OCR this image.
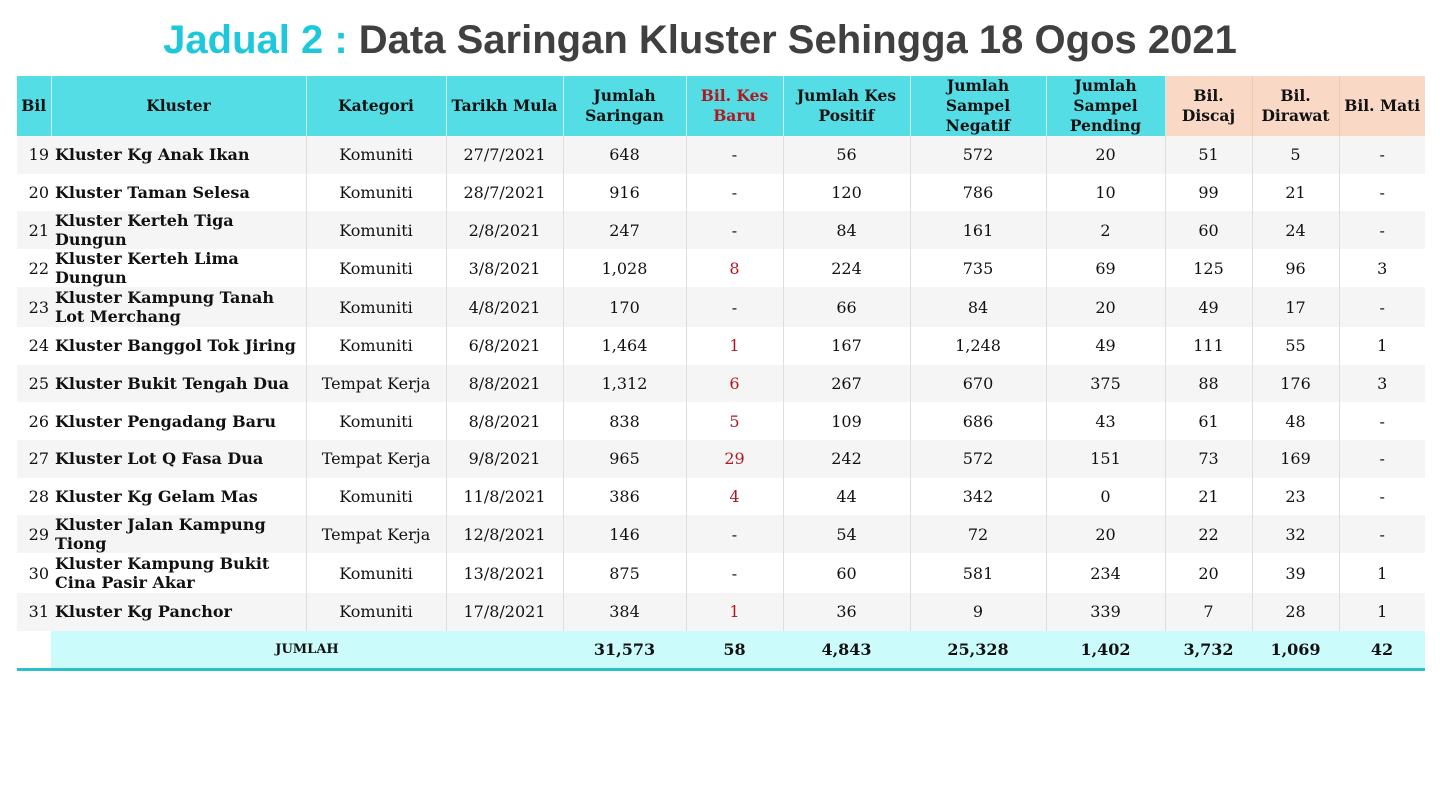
Jadual 2 : Data Saringan Kluster Sehingga 18 Ogos 2021
Bil	Kluster	Kategori	Tarikh Mula	Jumlah Saringan	Bil. Kes Baru	Jumlah Kes Positif	Jumlah Sampel Negatif	Jumlah Sampel Pending	Bil. Discaj	Bil. Dirawat	Bil. Mati
19	Kluster Kg Anak Ikan	Komuniti	27/7/2021	648	-	56	572	20	51	5	-
20	Kluster Taman Selesa	Komuniti	28/7/2021	916	-	120	786	10	99	21	-
21	Kluster Kerteh Tiga Dungun	Komuniti	2/8/2021	247	-	84	161	2	60	24	-
22	Kluster Kerteh Lima Dungun	Komuniti	3/8/2021	1,028	8	224	735	69	125	96	3
23	Kluster Kampung Tanah Lot Merchang	Komuniti	4/8/2021	170	-	66	84	20	49	17	-
24	Kluster Banggol Tok Jiring	Komuniti	6/8/2021	1,464	1	167	1,248	49	111	55	1
25	Kluster Bukit Tengah Dua	Tempat Kerja	8/8/2021	1,312	6	267	670	375	88	176	3
26	Kluster Pengadang Baru	Komuniti	8/8/2021	838	5	109	686	43	61	48	-
27	Kluster Lot Q Fasa Dua	Tempat Kerja	9/8/2021	965	29	242	572	151	73	169	-
28	Kluster Kg Gelam Mas	Komuniti	11/8/2021	386	4	44	342	0	21	23	-
29	Kluster Jalan Kampung Tiong	Tempat Kerja	12/8/2021	146	-	54	72	20	22	32	-
30	Kluster Kampung Bukit Cina Pasir Akar	Komuniti	13/8/2021	875	-	60	581	234	20	39	1
31	Kluster Kg Panchor	Komuniti	17/8/2021	384	1	36	9	339	7	28	1
	JUMLAH			31,573	58	4,843	25,328	1,402	3,732	1,069	42
